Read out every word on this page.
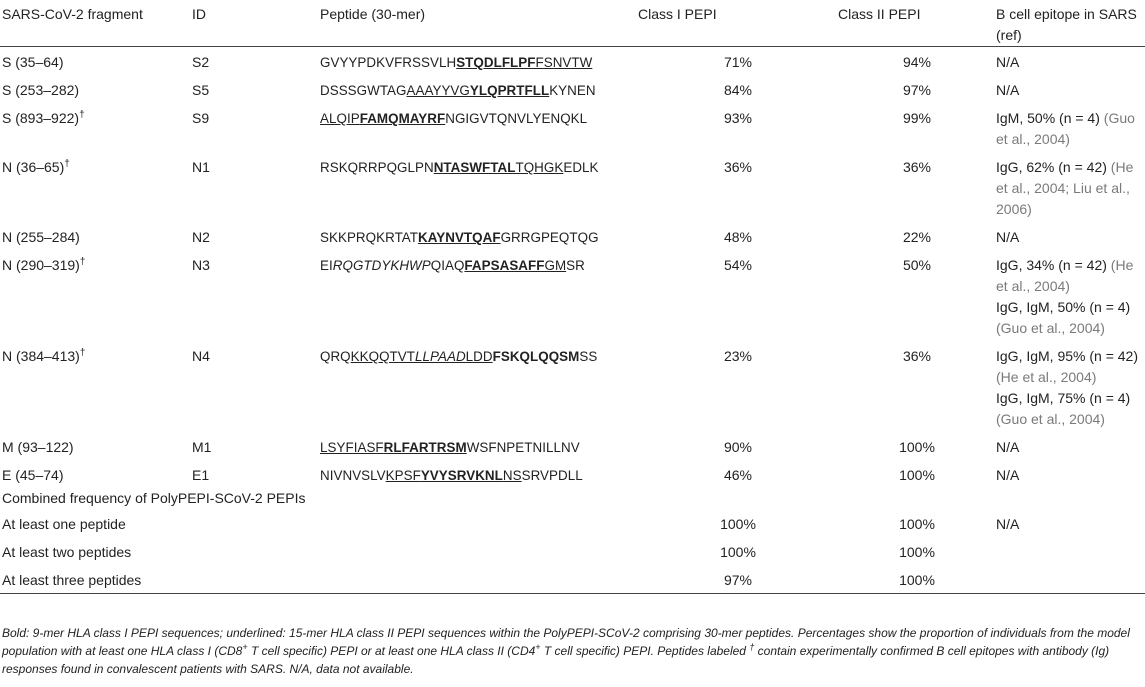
SARS-CoV-2 fragment	ID	Peptide (30-mer)	Class I PEPI	Class II PEPI	B cell epitope in SARS (ref)
S (35–64)	S2	GVYYPDKVFRSSVLHSTQDLFLPFFSNVTW	71%	94%	N/A

S (253–282)	S5	DSSSGWTAGAAAYYVGYLQPRTFLLKYNEN	84%	97%	N/A

S (893–922)†	S9	ALQIPFAMQMAYRFNGIGVTQNVLYENQKL	93%	99%	IgM, 50% (n = 4) (Guo et al., 2004)

N (36–65)†	N1	RSKQRRPQGLPNNTASWFTALTQHGKEDLK	36%	36%	IgG, 62% (n = 42) (He et al., 2004; Liu et al., 2006)

N (255–284)	N2	SKKPRQKRTATKAYNVTQAFGRRGPEQTQG	48%	22%	N/A

N (290–319)†	N3	EIRQGTDYKHWPQIAQFAPSASAFFGMSR	54%	50%	IgG, 34% (n = 42) (He et al., 2004)
IgG, IgM, 50% (n = 4) (Guo et al., 2004)

N (384–413)†	N4	QRQKKQQTVTLLPAADLDDFSKQLQQSMSS	23%	36%	IgG, IgM, 95% (n = 42) (He et al., 2004)
IgG, IgM, 75% (n = 4) (Guo et al., 2004)

M (93–122)	M1	LSYFIASFRLFARTRSMWSFNPETNILLNV	90%	100%	N/A

E (45–74)	E1	NIVNVSLVKPSFYVYSRVKNLNSSRVPDLL	46%	100%	N/A

Combined frequency of PolyPEPI-SCoV-2 PEPIs					
At least one peptide			100%	100%	N/A
At least two peptides			100%	100%	
At least three peptides			97%	100%	
Bold: 9-mer HLA class I PEPI sequences; underlined: 15-mer HLA class II PEPI sequences within the PolyPEPI-SCoV-2 comprising 30-mer peptides. Percentages show the proportion of individuals from the model population with at least one HLA class I (CD8+ T cell specific) PEPI or at least one HLA class II (CD4+ T cell specific) PEPI. Peptides labeled † contain experimentally confirmed B cell epitopes with antibody (Ig) responses found in convalescent patients with SARS. N/A, data not available.
